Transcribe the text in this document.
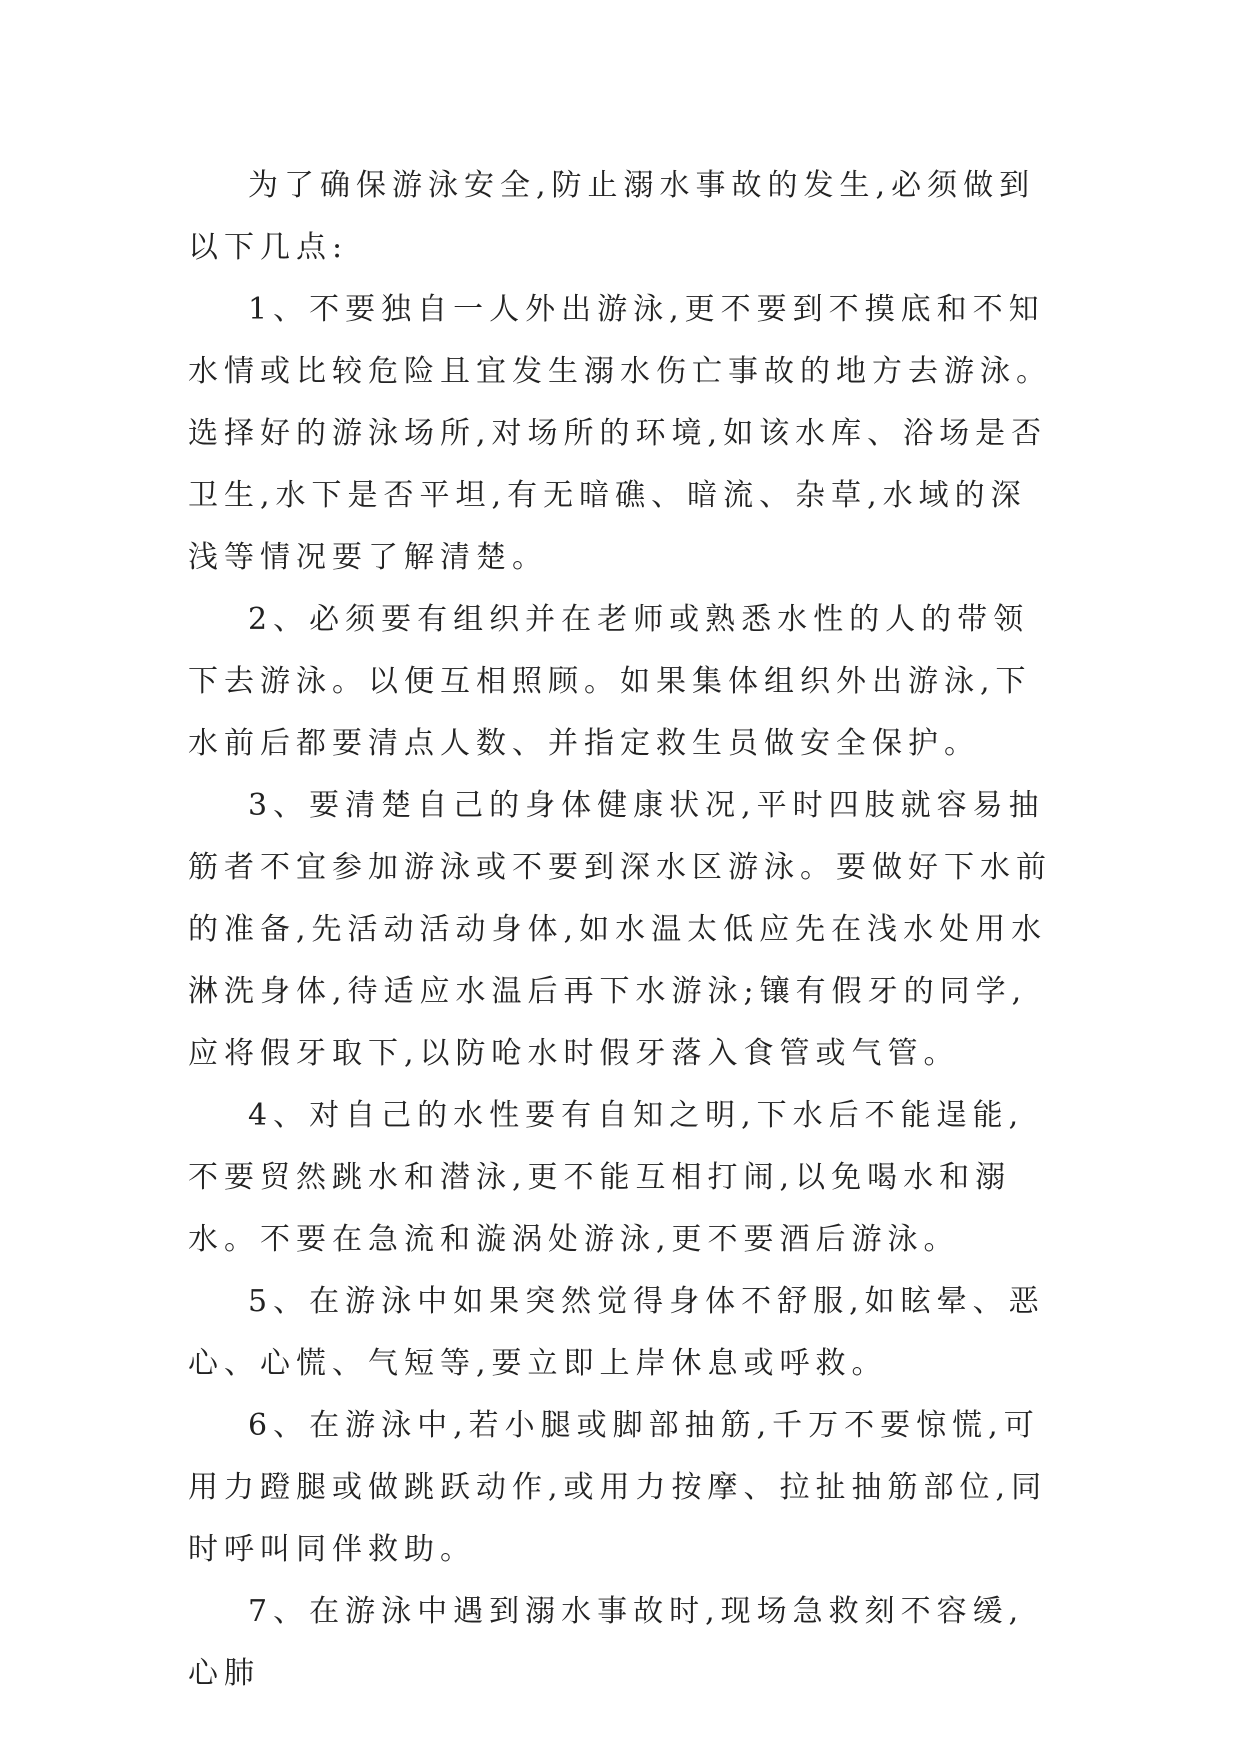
为了确保游泳安全,防止溺水事故的发生,必须做到以下几点:

1、不要独自一人外出游泳,更不要到不摸底和不知水情或比较危险且宜发生溺水伤亡事故的地方去游泳。选择好的游泳场所,对场所的环境,如该水库、浴场是否卫生,水下是否平坦,有无暗礁、暗流、杂草,水域的深浅等情况要了解清楚。

2、必须要有组织并在老师或熟悉水性的人的带领下去游泳。以便互相照顾。如果集体组织外出游泳,下水前后都要清点人数、并指定救生员做安全保护。

3、要清楚自己的身体健康状况,平时四肢就容易抽筋者不宜参加游泳或不要到深水区游泳。要做好下水前的准备,先活动活动身体,如水温太低应先在浅水处用水淋洗身体,待适应水温后再下水游泳;镶有假牙的同学,应将假牙取下,以防呛水时假牙落入食管或气管。

4、对自己的水性要有自知之明,下水后不能逞能,不要贸然跳水和潜泳,更不能互相打闹,以免喝水和溺水。不要在急流和漩涡处游泳,更不要酒后游泳。

5、在游泳中如果突然觉得身体不舒服,如眩晕、恶心、心慌、气短等,要立即上岸休息或呼救。

6、在游泳中,若小腿或脚部抽筋,千万不要惊慌,可用力蹬腿或做跳跃动作,或用力按摩、拉扯抽筋部位,同时呼叫同伴救助。

7、在游泳中遇到溺水事故时,现场急救刻不容缓,心肺
